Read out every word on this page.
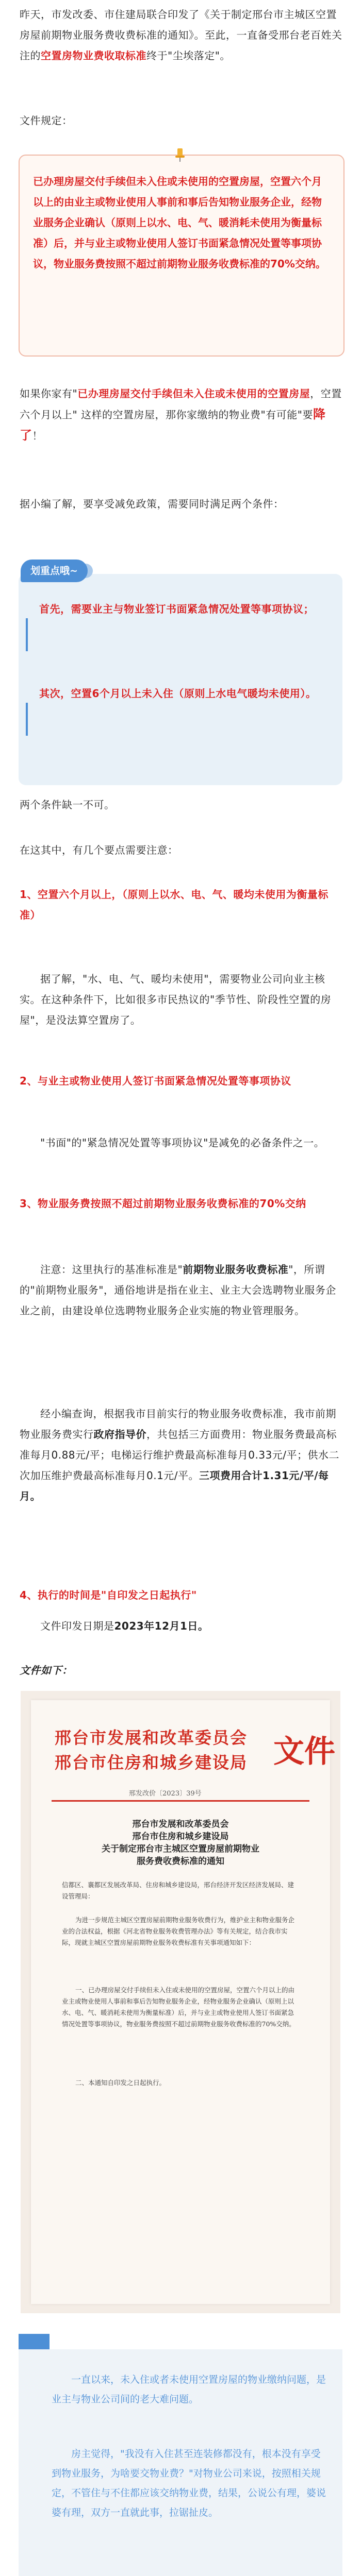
昨天，市发改委、市住建局联合印发了《关于制定邢台市主城区空置房屋前期物业服务费收费标准的通知》。至此，一直备受邢台老百姓关注的空置房物业费收取标准终于"尘埃落定"。
文件规定：
已办理房屋交付手续但未入住或未使用的空置房屋，空置六个月以上的由业主或物业使用人事前和事后告知物业服务企业，经物业服务企业确认（原则上以水、电、气、暖消耗未使用为衡量标准）后，并与业主或物业使用人签订书面紧急情况处置等事项协议，物业服务费按照不超过前期物业服务收费标准的70%交纳。
如果你家有"已办理房屋交付手续但未入住或未使用的空置房屋，空置六个月以上" 这样的空置房屋，那你家缴纳的物业费"有可能"要降了！
据小编了解，要享受减免政策，需要同时满足两个条件：
划重点哦~
首先，需要业主与物业签订书面紧急情况处置等事项协议；
其次，空置6个月以上未入住（原则上水电气暖均未使用）。
两个条件缺一不可。
在这其中，有几个要点需要注意：
1、空置六个月以上，（原则上以水、电、气、暖均未使用为衡量标准）
据了解，"水、电、气、暖均未使用"，需要物业公司向业主核实。在这种条件下，比如很多市民热议的"季节性、阶段性空置的房屋"，是没法算空置房了。
2、与业主或物业使用人签订书面紧急情况处置等事项协议
"书面"的"紧急情况处置等事项协议"是减免的必备条件之一。
3、物业服务费按照不超过前期物业服务收费标准的70%交纳
注意：这里执行的基准标准是"前期物业服务收费标准"，所谓的"前期物业服务"，通俗地讲是指在业主、业主大会选聘物业服务企业之前，由建设单位选聘物业服务企业实施的物业管理服务。
经小编查询，根据我市目前实行的物业服务收费标准，我市前期物业服务费实行政府指导价，共包括三方面费用：物业服务费最高标准每月0.88元/平；电梯运行维护费最高标准每月0.33元/平；供水二次加压维护费最高标准每月0.1元/平。三项费用合计1.31元/平/每月。
4、执行的时间是"自印发之日起执行"
文件印发日期是2023年12月1日。
文件如下：
邢台市发展和改革委员会
邢台市住房和城乡建设局 文件
邢发改价〔2023〕39号
邢台市发展和改革委员会
邢台市住房和城乡建设局
关于制定邢台市主城区空置房屋前期物业
服务费收费标准的通知
信都区、襄都区发展改革局、住房和城乡建设局，邢台经济开发区经济发展局、建设管理局：
为进一步规范主城区空置房屋前期物业服务收费行为，维护业主和物业服务企业的合法权益，根据《河北省物业服务收费管理办法》等有关规定，结合我市实际，现就主城区空置房屋前期物业服务收费标准有关事项通知如下：
一、已办理房屋交付手续但未入住或未使用的空置房屋，空置六个月以上的由业主或物业使用人事前和事后告知物业服务企业，经物业服务企业确认（原则上以水、电、气、暖消耗未使用为衡量标准）后，并与业主或物业使用人签订书面紧急情况处置等事项协议，物业服务费按照不超过前期物业服务收费标准的70%交纳。
二、本通知自印发之日起执行。
一直以来，未入住或者未使用空置房屋的物业缴纳问题，是业主与物业公司间的老大难问题。
房主觉得，"我没有入住甚至连装修都没有，根本没有享受到物业服务，为啥要交物业费？"对物业公司来说，按照相关规定，不管住与不住都应该交纳物业费，结果，公说公有理，婆说婆有理，双方一直就此事，拉锯扯皮。
